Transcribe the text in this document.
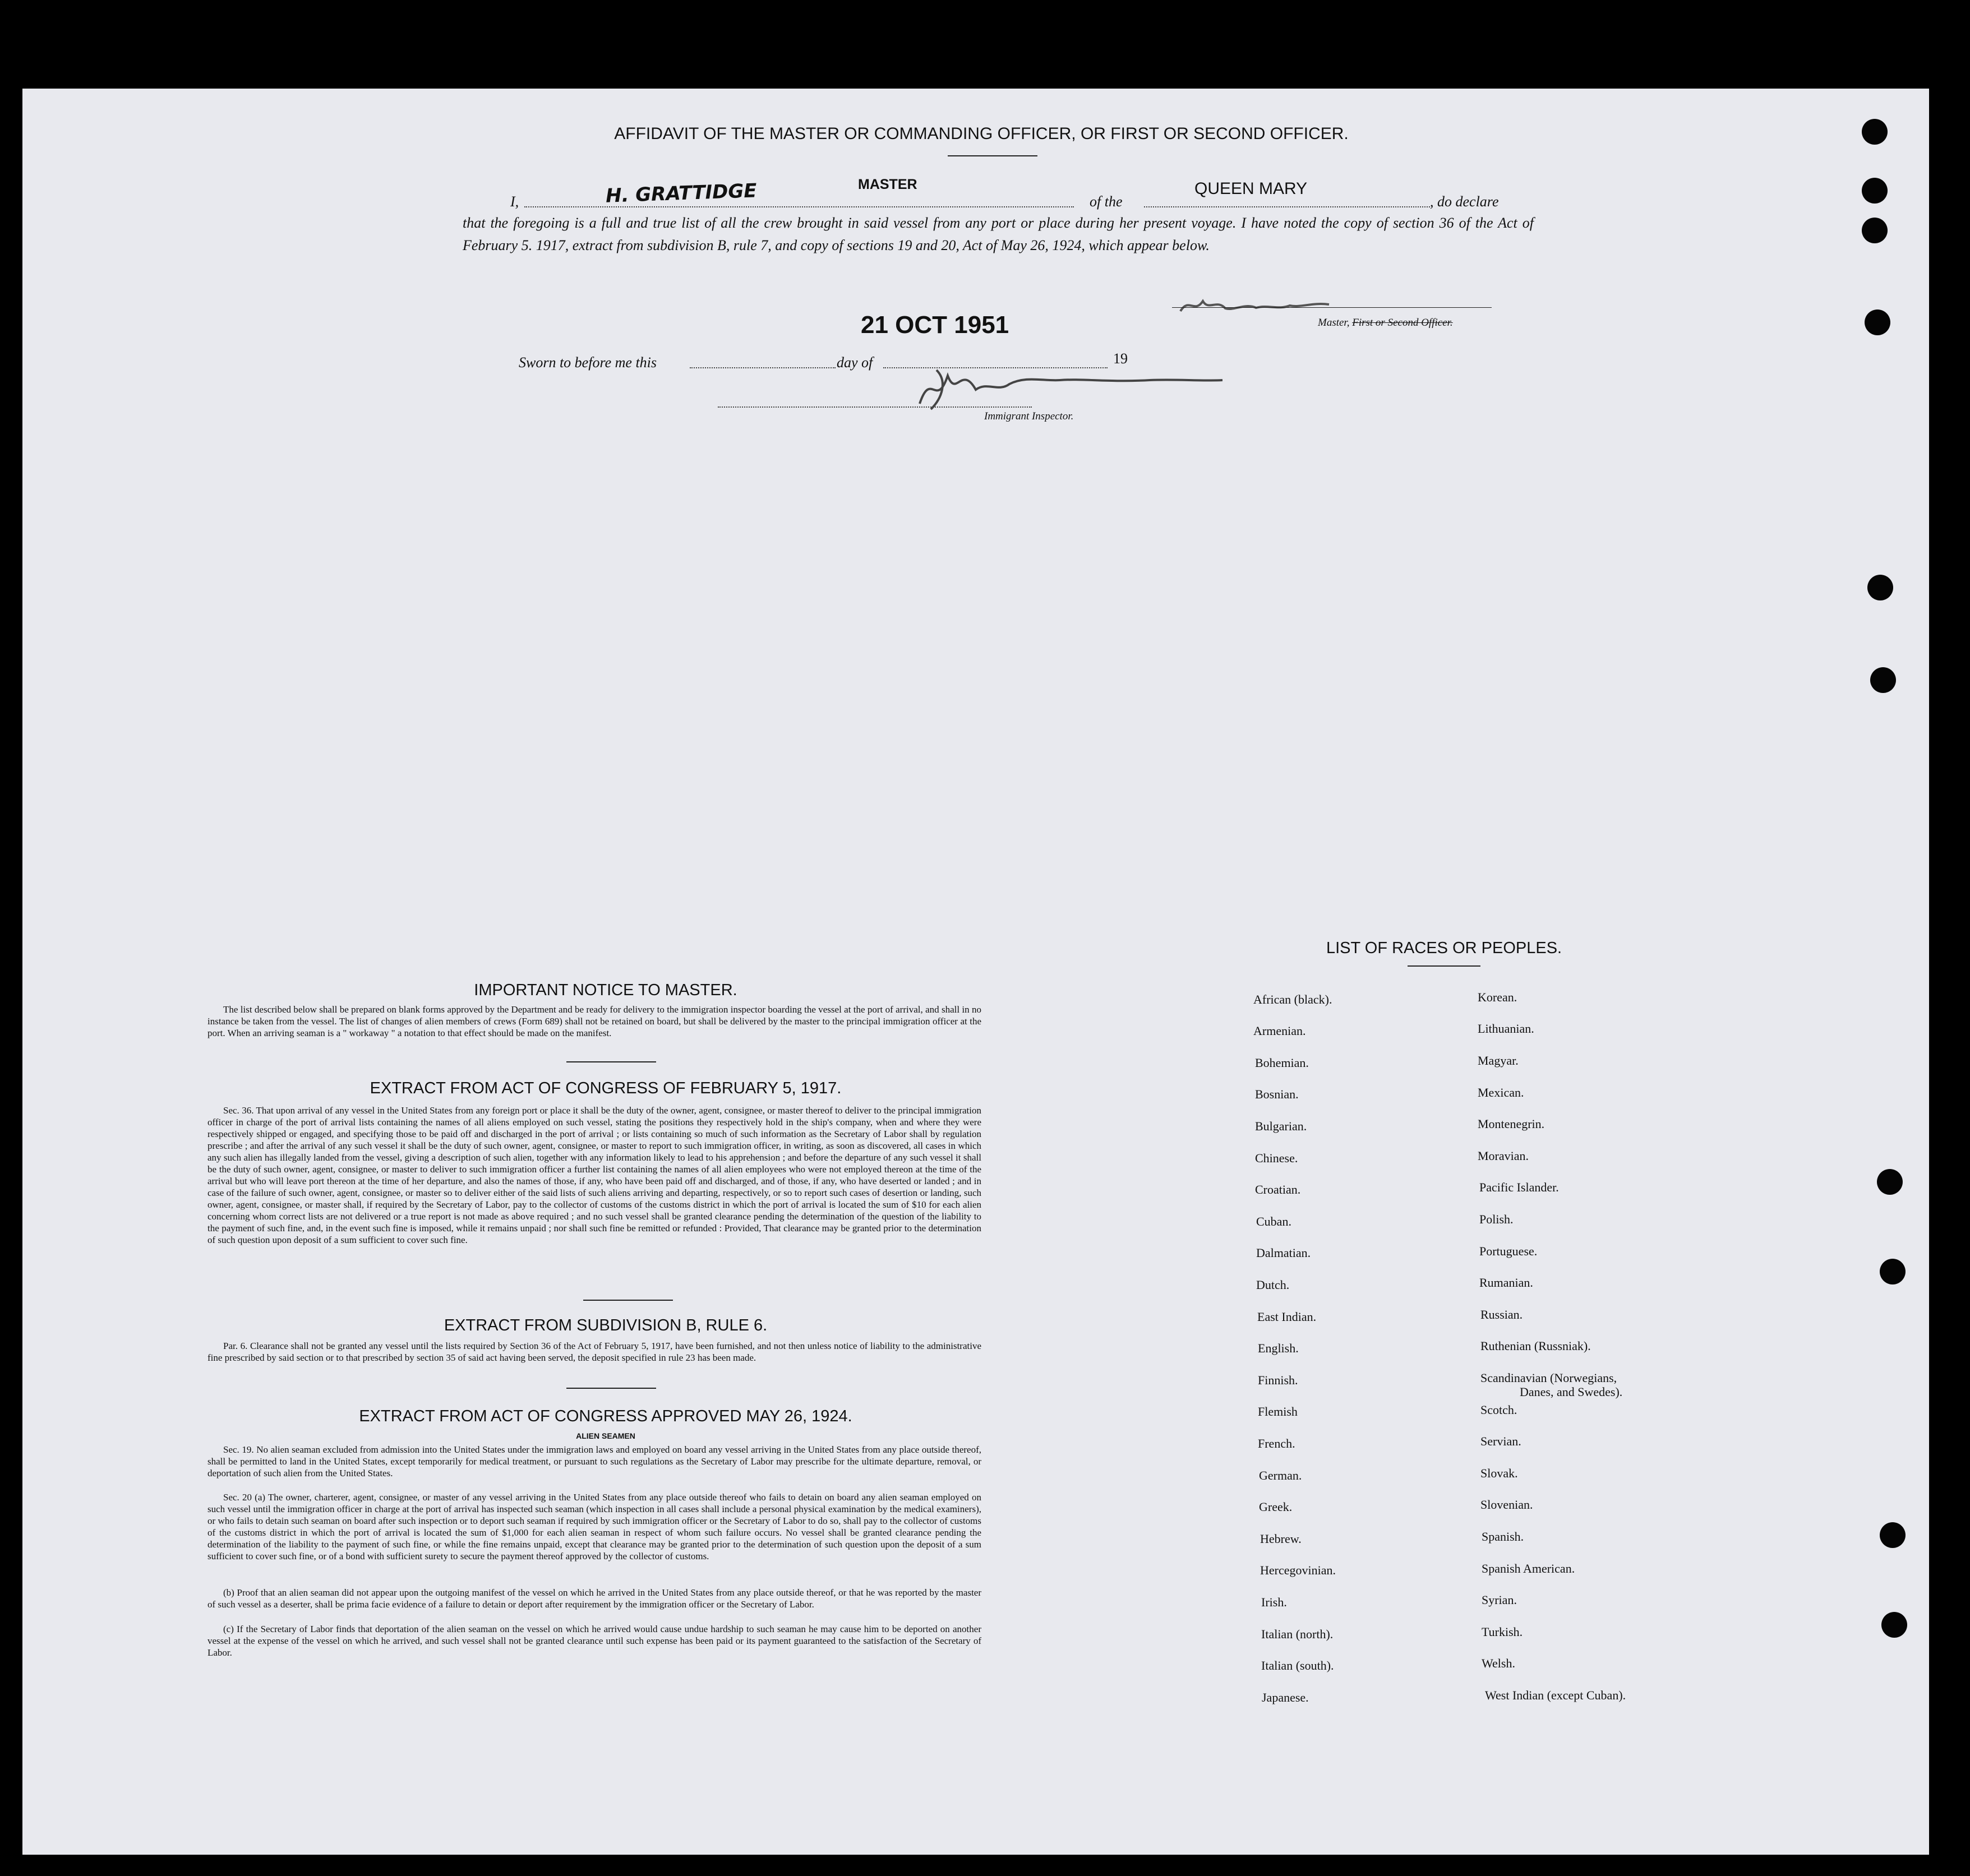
AFFIDAVIT OF THE MASTER OR COMMANDING OFFICER, OR FIRST OR SECOND OFFICER.
I,	H. GRATTIDGE	MASTER
of the
QUEEN MARY
, do declare
that the foregoing is a full and true list of all the crew brought in said vessel from any port or place during her present voyage. I have noted the copy of section 36 of the Act of February 5. 1917, extract from subdivision B, rule 7, and copy of sections 19 and 20, Act of May 26, 1924, which appear below.
21 OCT 1951	Master, First or Second Officer.
Sworn to before me this	day of	19
Immigrant Inspector.
IMPORTANT NOTICE TO MASTER.
The list described below shall be prepared on blank forms approved by the Department and be ready for delivery to the immigration inspector boarding the vessel at the port of arrival, and shall in no instance be taken from the vessel. The list of changes of alien members of crews (Form 689) shall not be retained on board, but shall be delivered by the master to the principal immigration officer at the port. When an arriving seaman is a " workaway " a notation to that effect should be made on the manifest.
EXTRACT FROM ACT OF CONGRESS OF FEBRUARY 5, 1917.
Sec. 36. That upon arrival of any vessel in the United States from any foreign port or place it shall be the duty of the owner, agent, consignee, or master thereof to deliver to the principal immigration officer in charge of the port of arrival lists containing the names of all aliens employed on such vessel, stating the positions they respectively hold in the ship's company, when and where they were respectively shipped or engaged, and specifying those to be paid off and discharged in the port of arrival ; or lists containing so much of such information as the Secretary of Labor shall by regulation prescribe ; and after the arrival of any such vessel it shall be the duty of such owner, agent, consignee, or master to report to such immigration officer, in writing, as soon as discovered, all cases in which any such alien has illegally landed from the vessel, giving a description of such alien, together with any information likely to lead to his apprehension ; and before the departure of any such vessel it shall be the duty of such owner, agent, consignee, or master to deliver to such immigration officer a further list containing the names of all alien employees who were not employed thereon at the time of the arrival but who will leave port thereon at the time of her departure, and also the names of those, if any, who have been paid off and discharged, and of those, if any, who have deserted or landed ; and in case of the failure of such owner, agent, consignee, or master so to deliver either of the said lists of such aliens arriving and departing, respectively, or so to report such cases of desertion or landing, such owner, agent, consignee, or master shall, if required by the Secretary of Labor, pay to the collector of customs of the customs district in which the port of arrival is located the sum of $10 for each alien concerning whom correct lists are not delivered or a true report is not made as above required ; and no such vessel shall be granted clearance pending the determination of the question of the liability to the payment of such fine, and, in the event such fine is imposed, while it remains unpaid ; nor shall such fine be remitted or refunded : Provided, That clearance may be granted prior to the determination of such question upon deposit of a sum sufficient to cover such fine.
EXTRACT FROM SUBDIVISION B, RULE 6.
Par. 6. Clearance shall not be granted any vessel until the lists required by Section 36 of the Act of February 5, 1917, have been furnished, and not then unless notice of liability to the administrative fine prescribed by said section or to that prescribed by section 35 of said act having been served, the deposit specified in rule 23 has been made.
EXTRACT FROM ACT OF CONGRESS APPROVED MAY 26, 1924.
ALIEN SEAMEN
Sec. 19. No alien seaman excluded from admission into the United States under the immigration laws and employed on board any vessel arriving in the United States from any place outside thereof, shall be permitted to land in the United States, except temporarily for medical treatment, or pursuant to such regulations as the Secretary of Labor may prescribe for the ultimate departure, removal, or deportation of such alien from the United States.
Sec. 20 (a) The owner, charterer, agent, consignee, or master of any vessel arriving in the United States from any place outside thereof who fails to detain on board any alien seaman employed on such vessel until the immigration officer in charge at the port of arrival has inspected such seaman (which inspection in all cases shall include a personal physical examination by the medical examiners), or who fails to detain such seaman on board after such inspection or to deport such seaman if required by such immigration officer or the Secretary of Labor to do so, shall pay to the collector of customs of the customs district in which the port of arrival is located the sum of $1,000 for each alien seaman in respect of whom such failure occurs. No vessel shall be granted clearance pending the determination of the liability to the payment of such fine, or while the fine remains unpaid, except that clearance may be granted prior to the determination of such question upon the deposit of a sum sufficient to cover such fine, or of a bond with sufficient surety to secure the payment thereof approved by the collector of customs.
(b) Proof that an alien seaman did not appear upon the outgoing manifest of the vessel on which he arrived in the United States from any place outside thereof, or that he was reported by the master of such vessel as a deserter, shall be prima facie evidence of a failure to detain or deport after requirement by the immigration officer or the Secretary of Labor.
(c) If the Secretary of Labor finds that deportation of the alien seaman on the vessel on which he arrived would cause undue hardship to such seaman he may cause him to be deported on another vessel at the expense of the vessel on which he arrived, and such vessel shall not be granted clearance until such expense has been paid or its payment guaranteed to the satisfaction of the Secretary of Labor.
LIST OF RACES OR PEOPLES.
African (black).
Armenian.
Bohemian.
Bosnian.
Bulgarian.
Chinese.
Croatian.
Cuban.
Dalmatian.
Dutch.
East Indian.
English.
Finnish.
Flemish
French.
German.
Greek.
Hebrew.
Hercegovinian.
Irish.
Italian (north).
Italian (south).
Japanese.
Korean.
Lithuanian.
Magyar.
Mexican.
Montenegrin.
Moravian.
Pacific Islander.
Polish.
Portuguese.
Rumanian.
Russian.
Ruthenian (Russniak).
Scandinavian (Norwegians,
Danes, and Swedes).
Scotch.
Servian.
Slovak.
Slovenian.
Spanish.
Spanish American.
Syrian.
Turkish.
Welsh.
West Indian (except Cuban).
